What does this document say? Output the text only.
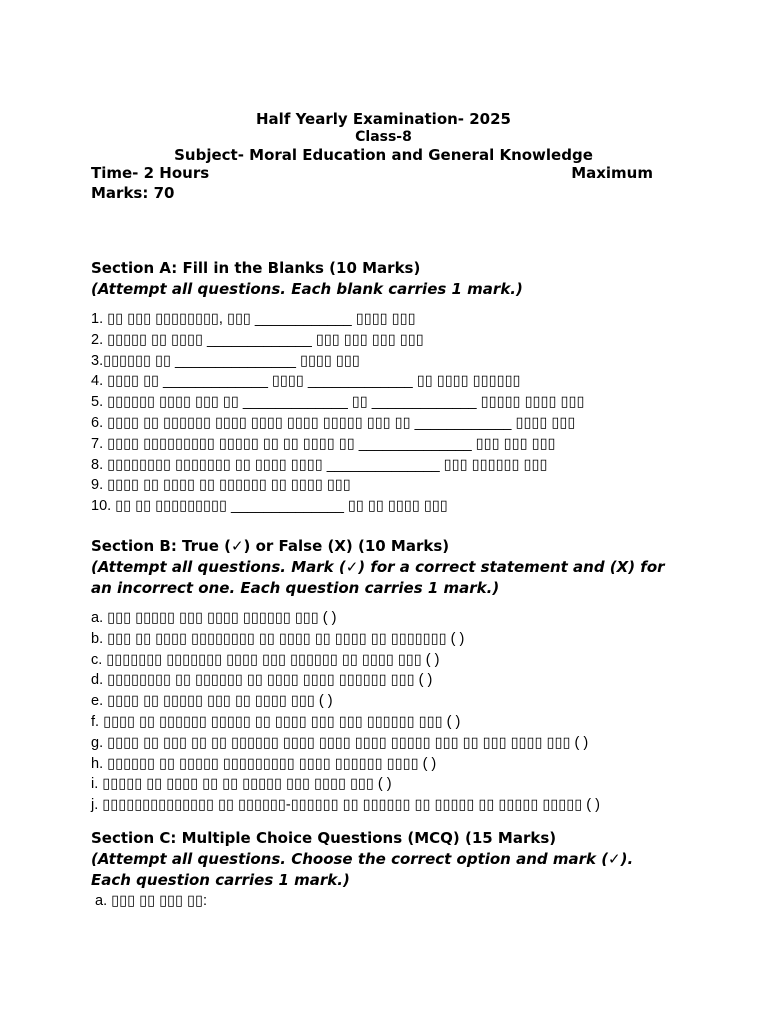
Half Yearly Examination- 2025
Class-8
Subject- Moral Education and General Knowledge
Time- 2 Hours	Maximum
Marks: 70
Section A: Fill in the Blanks (10 Marks)
(Attempt all questions. Each blank carries 1 mark.)
1. ▯▯ ▯▯▯ ▯▯▯▯▯▯▯▯, ▯▯▯ ____________ ▯▯▯▯ ▯▯▯
2. ▯▯▯▯▯ ▯▯ ▯▯▯▯ _____________ ▯▯▯ ▯▯▯ ▯▯▯ ▯▯▯
3.▯▯▯▯▯▯ ▯▯ _______________ ▯▯▯▯ ▯▯▯
4. ▯▯▯▯ ▯▯ _____________ ▯▯▯▯ _____________ ▯▯ ▯▯▯▯ ▯▯▯▯▯▯
5. ▯▯▯▯▯▯ ▯▯▯▯ ▯▯▯ ▯▯ _____________ ▯▯ _____________ ▯▯▯▯▯ ▯▯▯▯ ▯▯▯
6. ▯▯▯▯ ▯▯ ▯▯▯▯▯▯ ▯▯▯▯ ▯▯▯▯ ▯▯▯▯ ▯▯▯▯▯ ▯▯▯ ▯▯ ____________ ▯▯▯▯ ▯▯▯
7. ▯▯▯▯ ▯▯▯▯▯▯▯▯▯ ▯▯▯▯▯ ▯▯ ▯▯ ▯▯▯▯ ▯▯ ______________ ▯▯▯ ▯▯▯ ▯▯▯
8. ▯▯▯▯▯▯▯▯ ▯▯▯▯▯▯▯ ▯▯ ▯▯▯▯ ▯▯▯▯ ______________ ▯▯▯ ▯▯▯▯▯▯ ▯▯▯
9. ▯▯▯▯ ▯▯ ▯▯▯▯ ▯▯ ▯▯▯▯▯▯ ▯▯ ▯▯▯▯ ▯▯▯
10. ▯▯ ▯▯ ▯▯▯▯▯▯▯▯▯ ______________ ▯▯ ▯▯ ▯▯▯▯ ▯▯▯
Section B: True (✓) or False (X) (10 Marks)
(Attempt all questions. Mark (✓) for a correct statement and (X) for
an incorrect one. Each question carries 1 mark.)
a. ▯▯▯ ▯▯▯▯▯ ▯▯▯ ▯▯▯▯ ▯▯▯▯▯▯ ▯▯▯ ( )
b. ▯▯▯ ▯▯ ▯▯▯▯ ▯▯▯▯▯▯▯▯ ▯▯ ▯▯▯▯ ▯▯ ▯▯▯▯ ▯▯ ▯▯▯▯▯▯▯ ( )
c. ▯▯▯▯▯▯▯ ▯▯▯▯▯▯▯ ▯▯▯▯ ▯▯▯ ▯▯▯▯▯▯ ▯▯ ▯▯▯▯ ▯▯▯ ( )
d. ▯▯▯▯▯▯▯▯ ▯▯ ▯▯▯▯▯▯ ▯▯ ▯▯▯▯ ▯▯▯▯ ▯▯▯▯▯▯ ▯▯▯ ( )
e. ▯▯▯▯ ▯▯ ▯▯▯▯▯ ▯▯▯ ▯▯ ▯▯▯▯ ▯▯▯ ( )
f. ▯▯▯▯ ▯▯ ▯▯▯▯▯▯ ▯▯▯▯▯ ▯▯ ▯▯▯▯ ▯▯▯ ▯▯▯ ▯▯▯▯▯▯ ▯▯▯ ( )
g. ▯▯▯▯ ▯▯ ▯▯▯ ▯▯ ▯▯ ▯▯▯▯▯▯ ▯▯▯▯ ▯▯▯▯ ▯▯▯▯ ▯▯▯▯▯ ▯▯▯ ▯▯ ▯▯▯ ▯▯▯▯ ▯▯▯ ( )
h. ▯▯▯▯▯▯ ▯▯ ▯▯▯▯▯ ▯▯▯▯▯▯▯▯▯ ▯▯▯▯ ▯▯▯▯▯▯ ▯▯▯▯ ( )
i. ▯▯▯▯▯ ▯▯ ▯▯▯▯ ▯▯ ▯▯ ▯▯▯▯▯ ▯▯▯ ▯▯▯▯ ▯▯▯ ( )
j. ▯▯▯▯▯▯▯▯▯▯▯▯▯▯ ▯▯ ▯▯▯▯▯▯-▯▯▯▯▯▯ ▯▯ ▯▯▯▯▯▯ ▯▯ ▯▯▯▯▯ ▯▯ ▯▯▯▯▯ ▯▯▯▯▯ ( )
Section C: Multiple Choice Questions (MCQ) (15 Marks)
(Attempt all questions. Choose the correct option and mark (✓).
Each question carries 1 mark.)
a. ▯▯▯ ▯▯ ▯▯▯ ▯▯:
